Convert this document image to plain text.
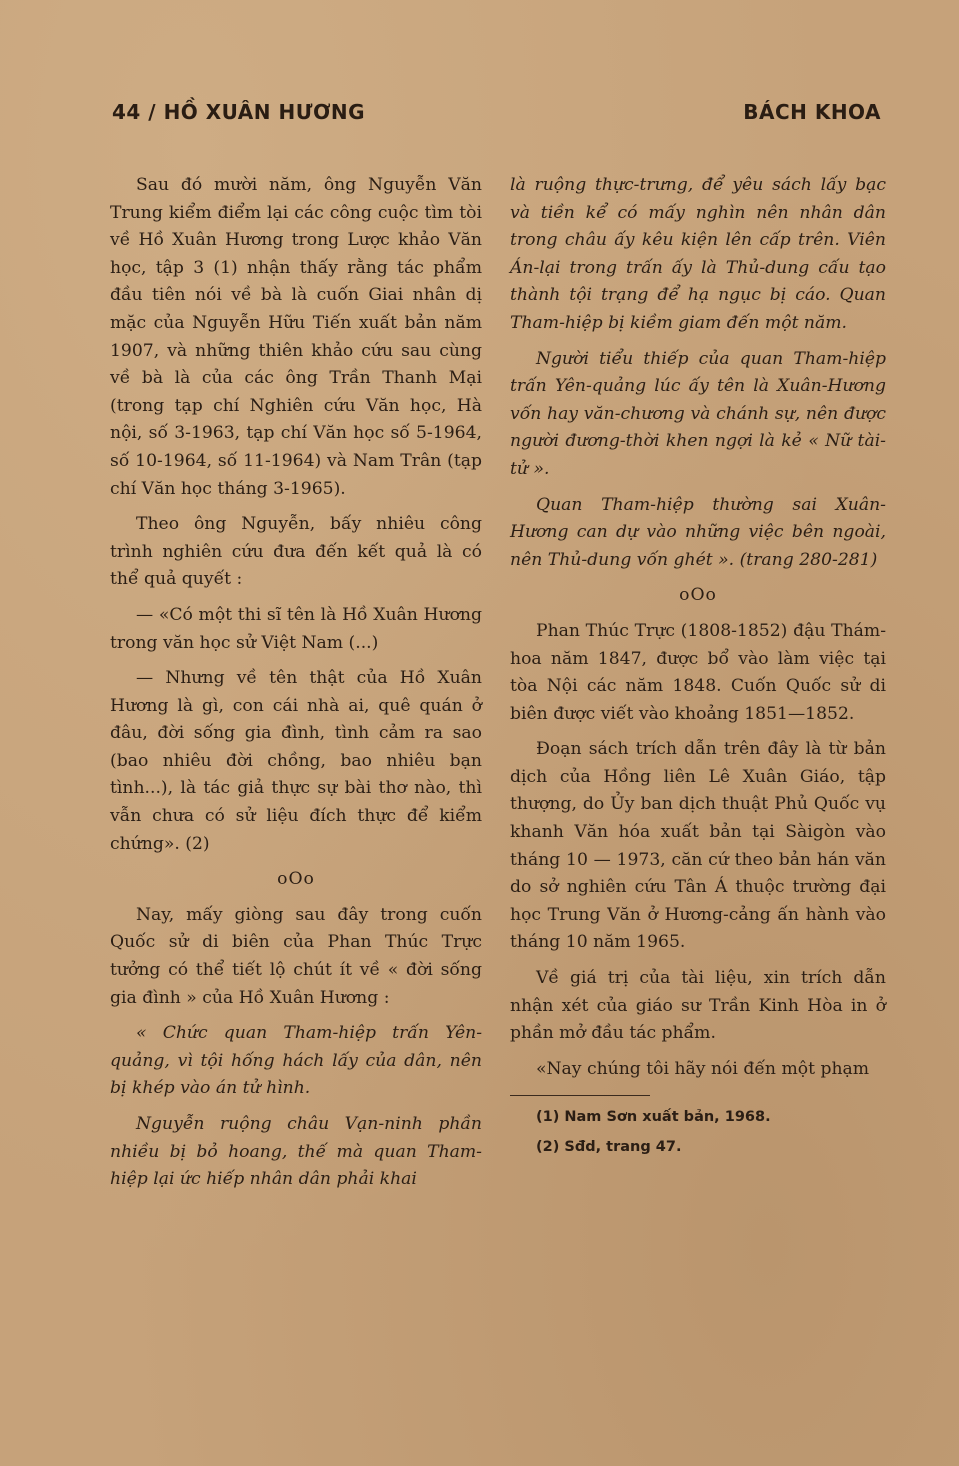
44 / HỒ XUÂN HƯƠNG	BÁCH KHOA

Sau đó mười năm, ông Nguyễn Văn Trung kiểm điểm lại các công cuộc tìm tòi về Hồ Xuân Hương trong Lược khảo Văn học, tập 3 (1) nhận thấy rằng tác phẩm đầu tiên nói về bà là cuốn Giai nhân dị mặc của Nguyễn Hữu Tiến xuất bản năm 1907, và những thiên khảo cứu sau cùng về bà là của các ông Trần Thanh Mại (trong tạp chí Nghiên cứu Văn học, Hà nội, số 3-1963, tạp chí Văn học số 5-1964, số 10-1964, số 11-1964) và Nam Trân (tạp chí Văn học tháng 3-1965).

Theo ông Nguyễn, bấy nhiêu công trình nghiên cứu đưa đến kết quả là có thể quả quyết :

— «Có một thi sĩ tên là Hồ Xuân Hương trong văn học sử Việt Nam (...)

— Nhưng về tên thật của Hồ Xuân Hương là gì, con cái nhà ai, quê quán ở đâu, đời sống gia đình, tình cảm ra sao (bao nhiêu đời chồng, bao nhiêu bạn tình...), là tác giả thực sự bài thơ nào, thì vẫn chưa có sử liệu đích thực để kiểm chứng». (2)

oOo

Nay, mấy giòng sau đây trong cuốn Quốc sử di biên của Phan Thúc Trực tưởng có thể tiết lộ chút ít về « đời sống gia đình » của Hồ Xuân Hương :

« Chức quan Tham-hiệp trấn Yên-quảng, vì tội hống hách lấy của dân, nên bị khép vào án tử hình.

Nguyễn ruộng châu Vạn-ninh phần nhiều bị bỏ hoang, thế mà quan Tham-hiệp lại ức hiếp nhân dân phải khai

là ruộng thực-trưng, để yêu sách lấy bạc và tiền kể có mấy nghìn nên nhân dân trong châu ấy kêu kiện lên cấp trên. Viên Án-lại trong trấn ấy là Thủ-dung cấu tạo thành tội trạng để hạ ngục bị cáo. Quan Tham-hiệp bị kiềm giam đến một năm.

Người tiểu thiếp của quan Tham-hiệp trấn Yên-quảng lúc ấy tên là Xuân-Hương vốn hay văn-chương và chánh sự, nên được người đương-thời khen ngợi là kẻ « Nữ tài-tử ».

Quan Tham-hiệp thường sai Xuân-Hương can dự vào những việc bên ngoài, nên Thủ-dung vốn ghét ». (trang 280-281)

oOo

Phan Thúc Trực (1808-1852) đậu Thám-hoa năm 1847, được bổ vào làm việc tại tòa Nội các năm 1848. Cuốn Quốc sử di biên được viết vào khoảng 1851—1852.

Đoạn sách trích dẫn trên đây là từ bản dịch của Hồng liên Lê Xuân Giáo, tập thượng, do Ủy ban dịch thuật Phủ Quốc vụ khanh Văn hóa xuất bản tại Sàigòn vào tháng 10 — 1973, căn cứ theo bản hán văn do sở nghiên cứu Tân Á thuộc trường đại học Trung Văn ở Hương-cảng ấn hành vào tháng 10 năm 1965.

Về giá trị của tài liệu, xin trích dẫn nhận xét của giáo sư Trần Kinh Hòa in ở phần mở đầu tác phẩm.

«Nay chúng tôi hãy nói đến một phạm

(1) Nam Sơn xuất bản, 1968.
(2) Sđd, trang 47.
